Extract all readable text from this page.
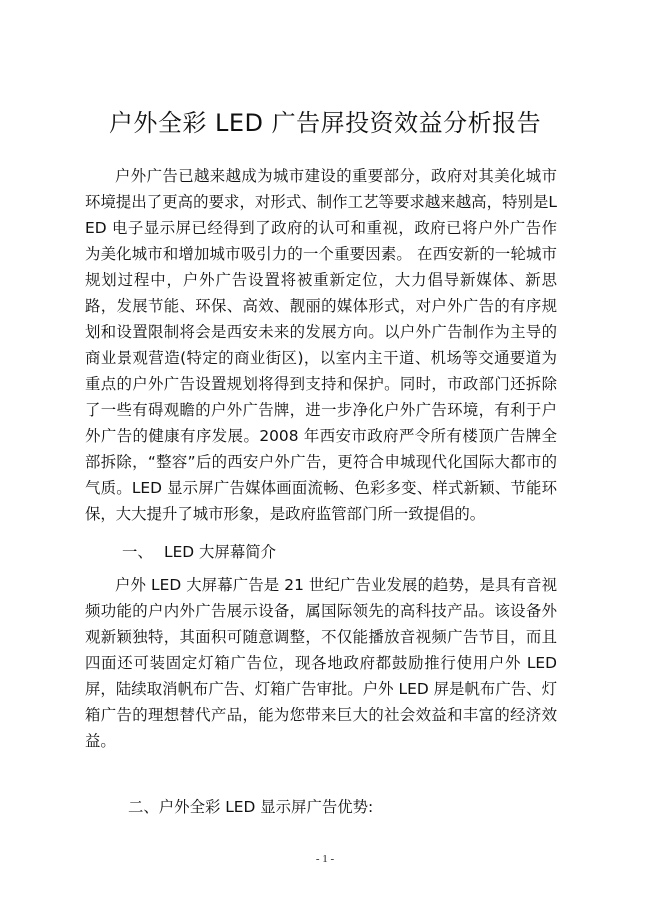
户外全彩 LED 广告屏投资效益分析报告
户外广告已越来越成为城市建设的重要部分，政府对其美化城市环境提出了更高的要求，对形式、制作工艺等要求越来越高，特别是LED 电子显示屏已经得到了政府的认可和重视，政府已将户外广告作为美化城市和增加城市吸引力的一个重要因素。 在西安新的一轮城市规划过程中，户外广告设置将被重新定位，大力倡导新媒体、新思路，发展节能、环保、高效、靓丽的媒体形式，对户外广告的有序规划和设置限制将会是西安未来的发展方向。以户外广告制作为主导的商业景观营造(特定的商业街区)，以室内主干道、机场等交通要道为重点的户外广告设置规划将得到支持和保护。同时，市政部门还拆除了一些有碍观瞻的户外广告牌，进一步净化户外广告环境，有利于户外广告的健康有序发展。2008 年西安市政府严令所有楼顶广告牌全部拆除，“整容”后的西安户外广告，更符合申城现代化国际大都市的气质。LED 显示屏广告媒体画面流畅、色彩多变、样式新颖、节能环保，大大提升了城市形象，是政府监管部门所一致提倡的。
一、 LED 大屏幕简介
户外 LED 大屏幕广告是 21 世纪广告业发展的趋势，是具有音视频功能的户内外广告展示设备，属国际领先的高科技产品。该设备外观新颖独特，其面积可随意调整，不仅能播放音视频广告节目，而且四面还可装固定灯箱广告位，现各地政府都鼓励推行使用户外 LED 屏，陆续取消帆布广告、灯箱广告审批。户外 LED 屏是帆布广告、灯箱广告的理想替代产品，能为您带来巨大的社会效益和丰富的经济效益。
二、户外全彩 LED 显示屏广告优势:
- 1 -
